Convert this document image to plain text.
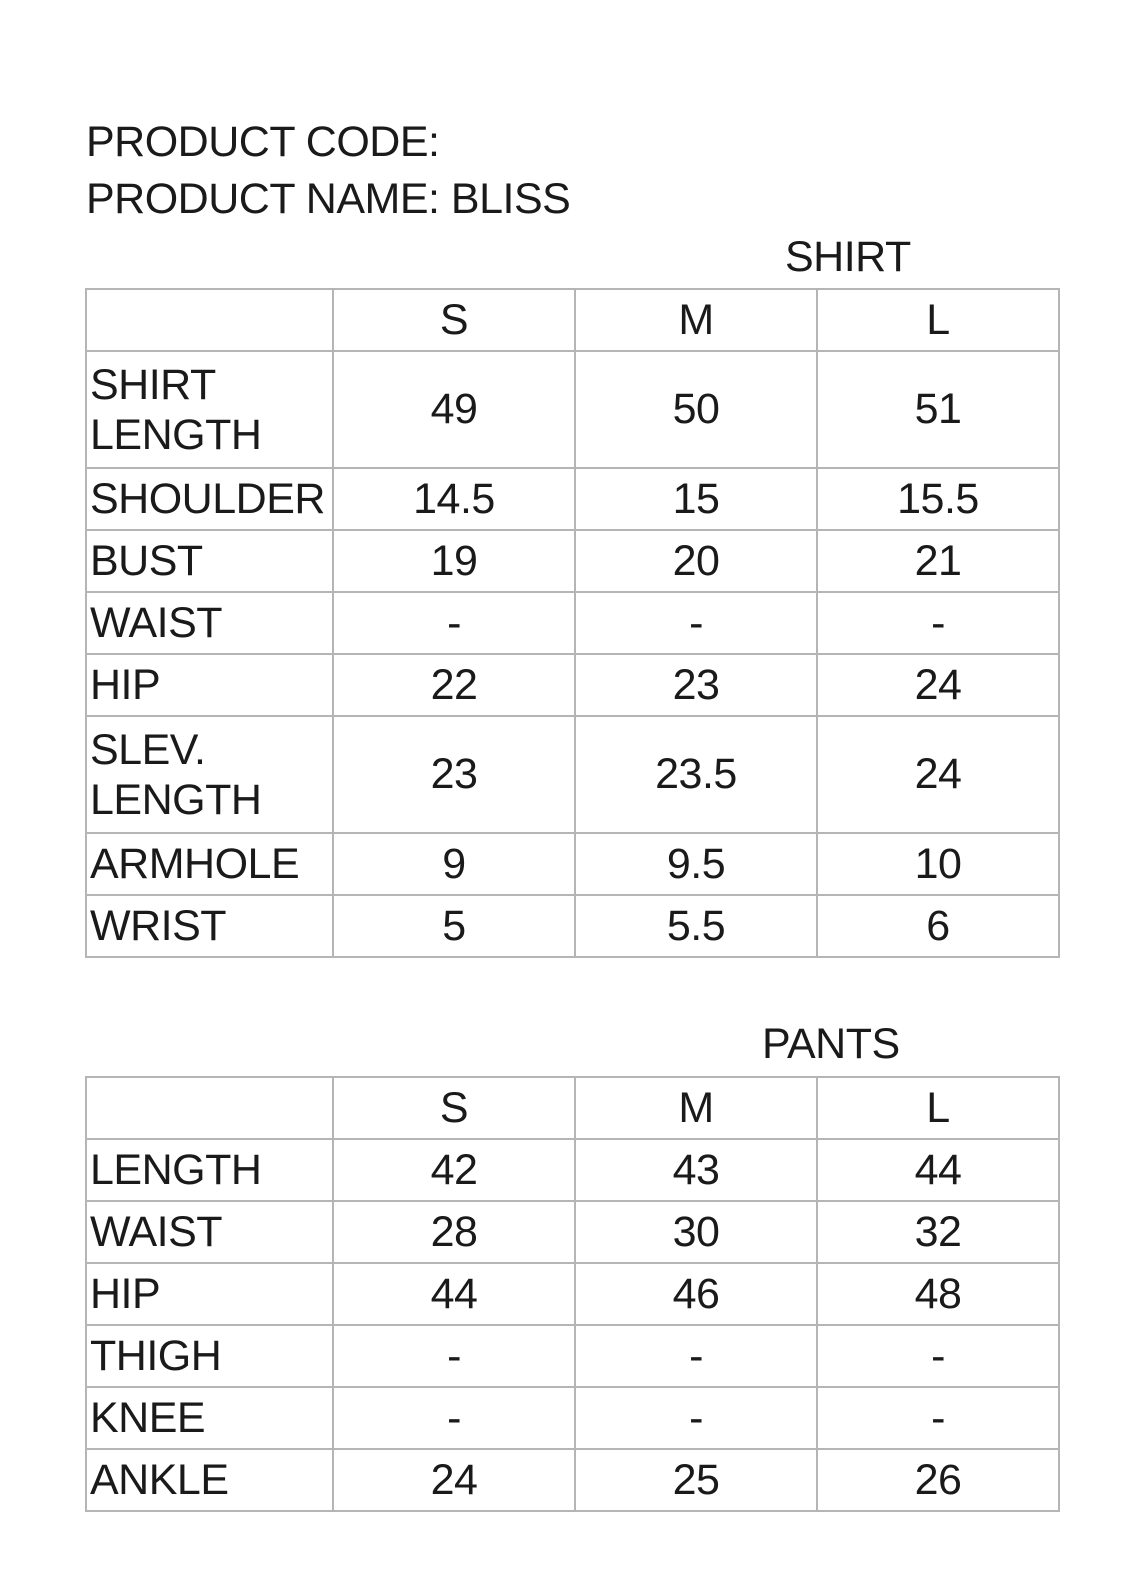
PRODUCT CODE:
PRODUCT NAME: BLISS
SHIRT
	S	M	L
SHIRT LENGTH	49	50	51
SHOULDER	14.5	15	15.5
BUST	19	20	21
WAIST	-	-	-
HIP	22	23	24
SLEV. LENGTH	23	23.5	24
ARMHOLE	9	9.5	10
WRIST	5	5.5	6
PANTS
	S	M	L
LENGTH	42	43	44
WAIST	28	30	32
HIP	44	46	48
THIGH	-	-	-
KNEE	-	-	-
ANKLE	24	25	26
